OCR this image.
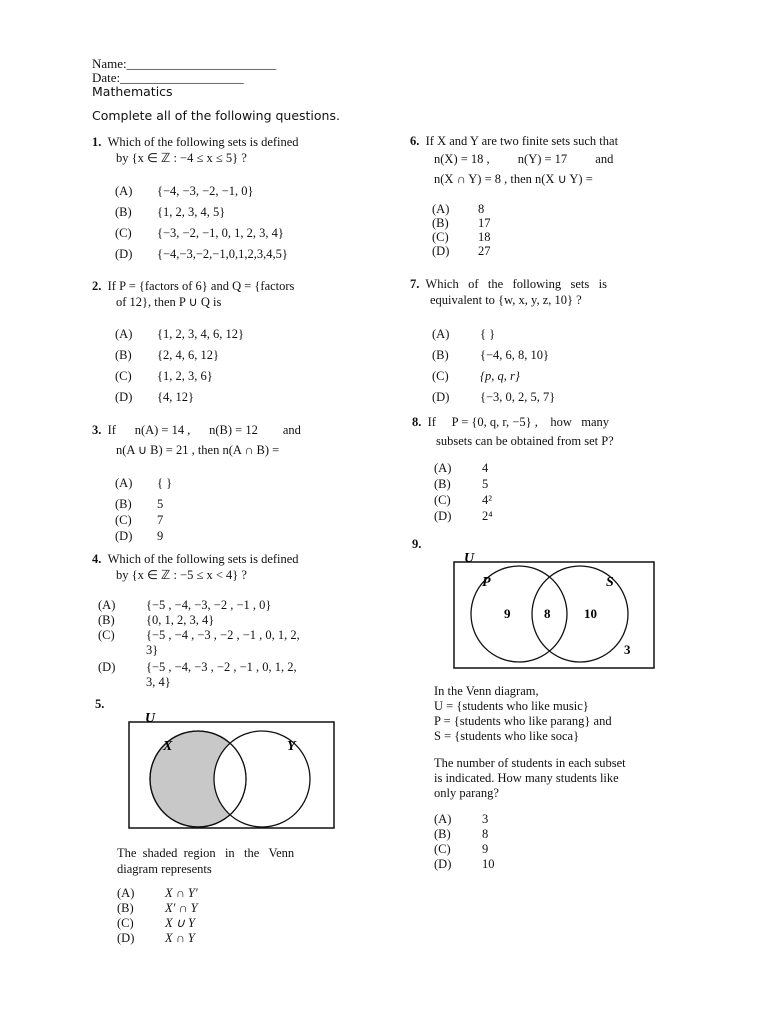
Name:_______________________
Date:___________________
Mathematics
Complete all of the following questions.
1. Which of the following sets is defined
by {x ∈ ℤ : −4 ≤ x ≤ 5} ?
(A) {−4, −3, −2, −1, 0}
(B) {1, 2, 3, 4, 5}
(C) {−3, −2, −1, 0, 1, 2, 3, 4}
(D) {−4,−3,−2,−1,0,1,2,3,4,5}
2. If P = {factors of 6} and Q = {factors
of 12}, then P ∪ Q is
(A) {1, 2, 3, 4, 6, 12}
(B) {2, 4, 6, 12}
(C) {1, 2, 3, 6}
(D) {4, 12}
3. If      n(A) = 14 ,      n(B) = 12        and
n(A ∪ B) = 21 , then n(A ∩ B) =
(A) { }
(B) 5
(C) 7
(D) 9
4. Which of the following sets is defined
by {x ∈ ℤ : −5 ≤ x < 4} ?
(A) {−5 , −4, −3, −2 , −1 , 0}
(B)	{0, 1, 2, 3, 4}
(C)	{−5 , −4 , −3 , −2 , −1 , 0, 1, 2,
3}
(D) {−5 , −4, −3 , −2 , −1 , 0, 1, 2,
3, 4}
5.
U
X	Y
The  shaded  region   in   the   Venn
diagram represents
(A) X ∩ Y′
(B)	X′ ∩ Y
(C)	X ∪ Y
(D) X ∩ Y
6. If X and Y are two finite sets such that
n(X) = 18 ,         n(Y) = 17         and
n(X ∩ Y) = 8 , then n(X ∪ Y) =
(A) 8
(B) 17
(C) 18
(D) 27
7. Which   of   the   following   sets   is
equivalent to {w, x, y, z, 10} ?
(A) { }
(B)	{−4, 6, 8, 10}
(C)	{p, q, r}
(D) {−3, 0, 2, 5, 7}
8. If     P = {0, q, r, −5} ,    how   many
subsets can be obtained from set P?
(A) 4
(B)	5
(C)	4²
(D) 2⁴
9.
U
P	S
9	8	10
3
In the Venn diagram,
U = {students who like music}
P = {students who like parang} and
S = {students who like soca}
The number of students in each subset
is indicated. How many students like
only parang?
(A) 3
(B)	8
(C)	9
(D) 10
